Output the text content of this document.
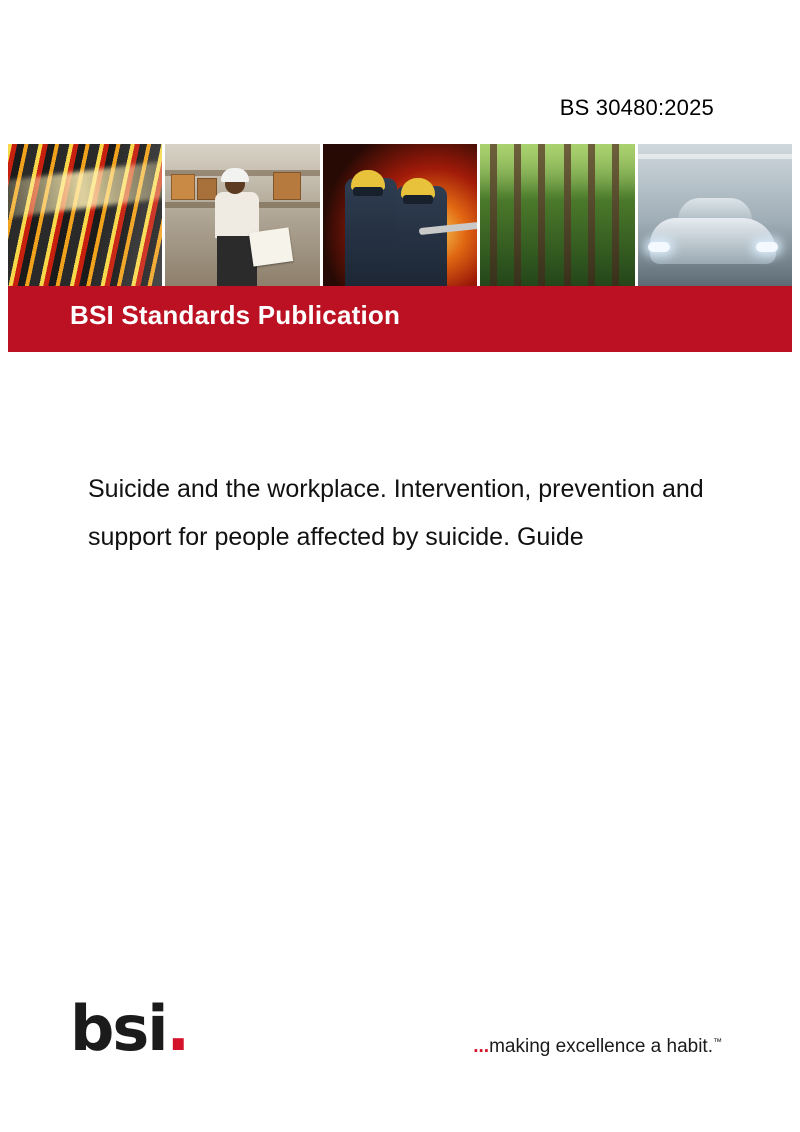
BS 30480:2025
BSI Standards Publication
Suicide and the workplace. Intervention, prevention and support for people affected by suicide. Guide
bsi.	...making excellence a habit.™
